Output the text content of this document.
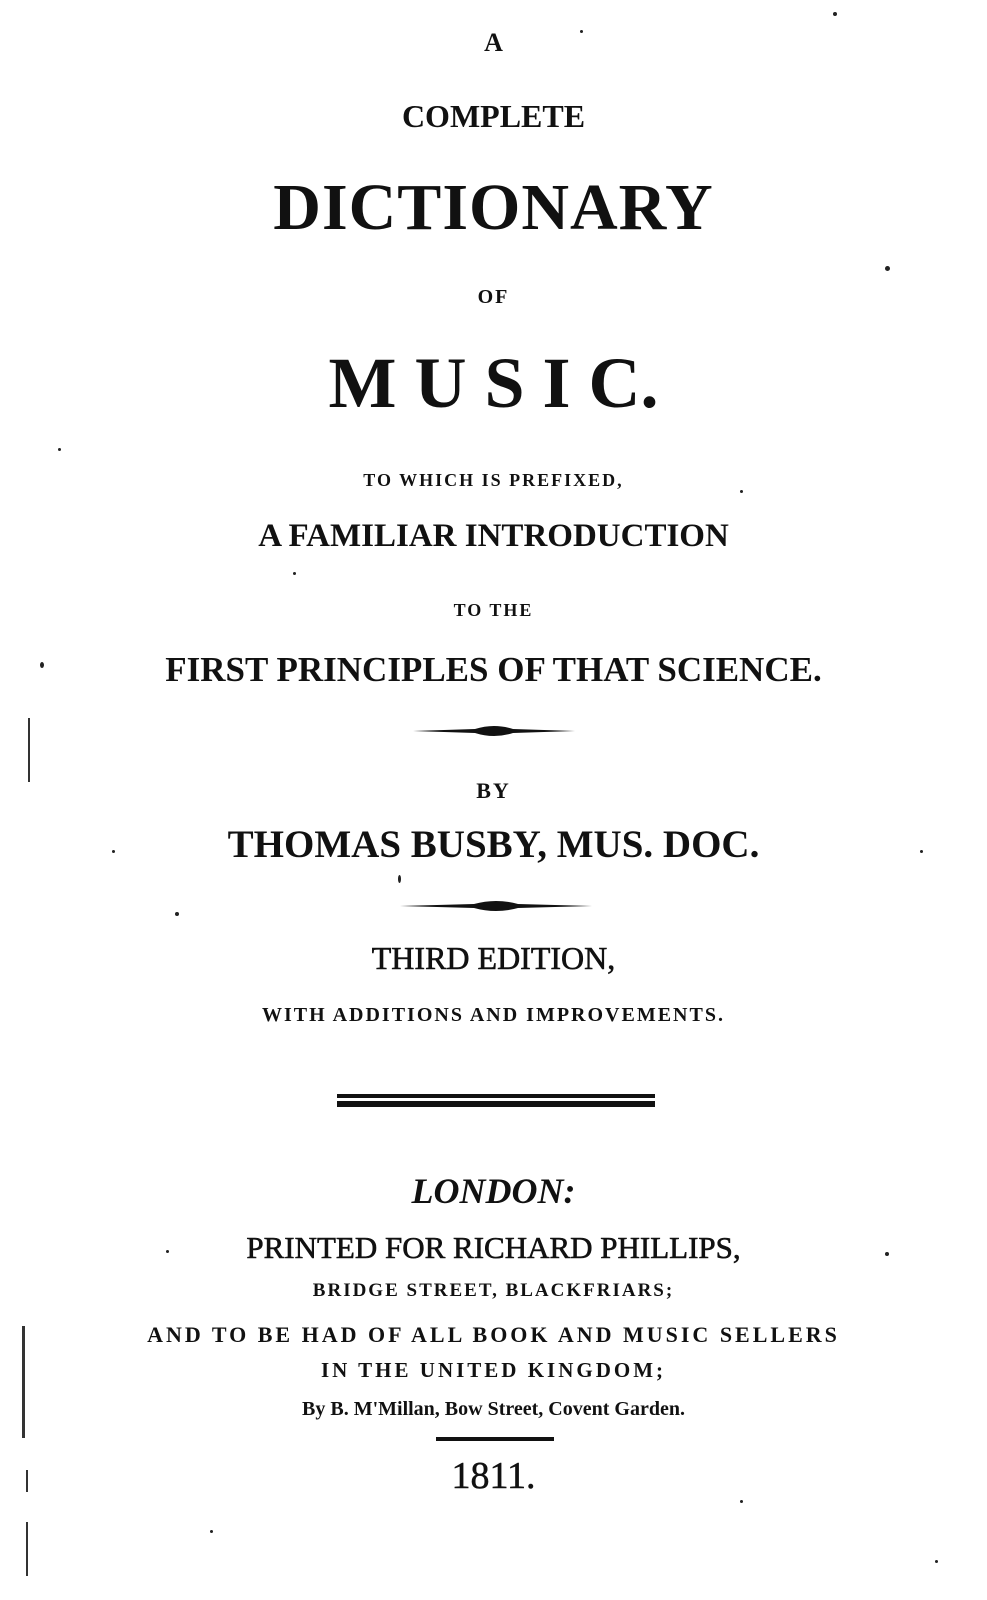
A
COMPLETE
DICTIONARY
OF
M U S I C.
TO WHICH IS PREFIXED,
A FAMILIAR INTRODUCTION
TO THE
FIRST PRINCIPLES OF THAT SCIENCE.
BY
THOMAS BUSBY, MUS. DOC.
THIRD EDITION,
WITH ADDITIONS AND IMPROVEMENTS.
LONDON:
PRINTED FOR RICHARD PHILLIPS,
BRIDGE STREET, BLACKFRIARS;
AND TO BE HAD OF ALL BOOK AND MUSIC SELLERS
IN THE UNITED KINGDOM;
By B. M'Millan, Bow Street, Covent Garden.
1811.
